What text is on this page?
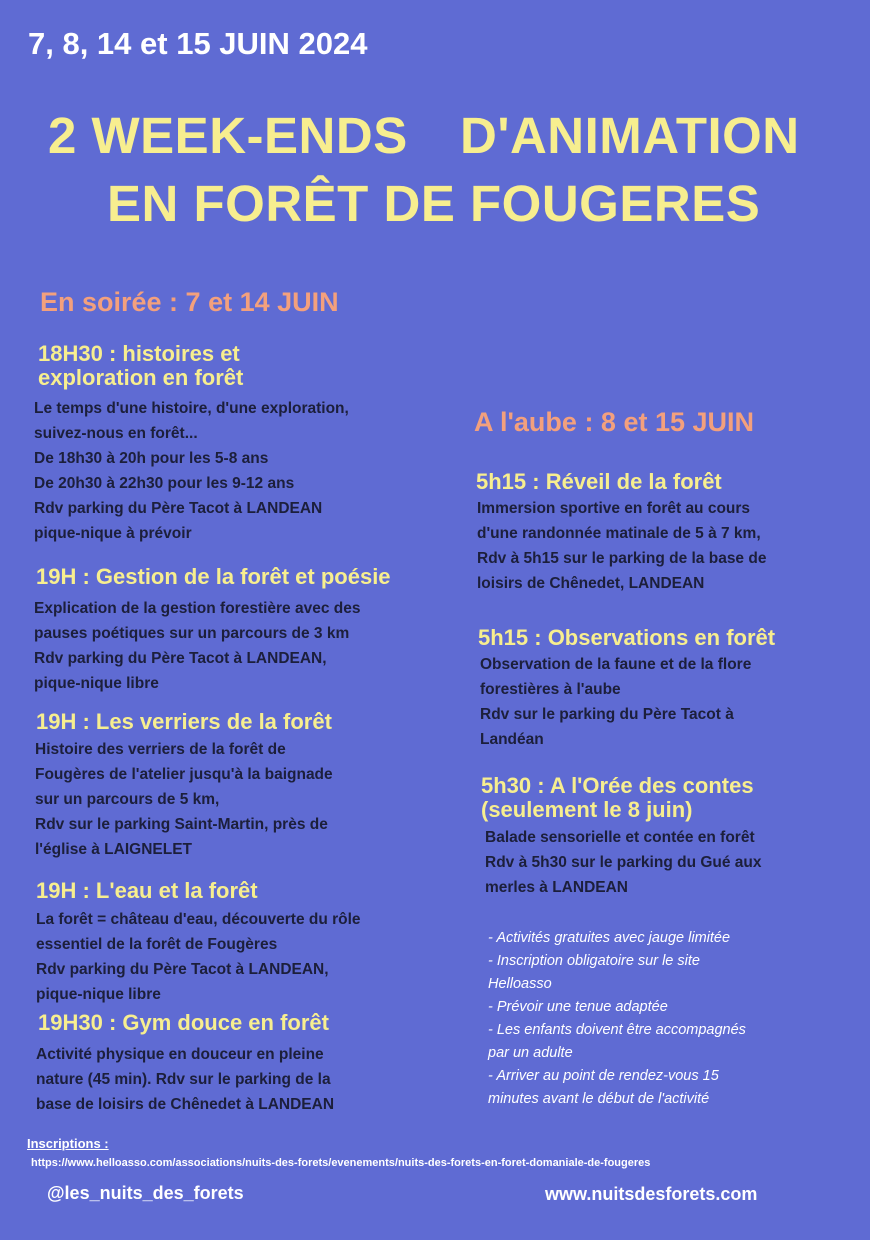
7, 8, 14 et 15 JUIN 2024
2 WEEK-ENDS D'ANIMATION
EN FORÊT DE FOUGERES
En soirée : 7 et 14 JUIN
18H30 : histoires et
exploration en forêt
Le temps d'une histoire, d'une exploration,
suivez-nous en forêt...
De 18h30 à 20h pour les 5-8 ans
De 20h30 à 22h30 pour les 9-12 ans
Rdv parking du Père Tacot à LANDEAN
pique-nique à prévoir
19H : Gestion de la forêt et poésie
Explication de la gestion forestière avec des
pauses poétiques sur un parcours de 3 km
Rdv parking du Père Tacot à LANDEAN,
pique-nique libre
19H : Les verriers de la forêt
Histoire des verriers de la forêt de
Fougères de l'atelier jusqu'à la baignade
sur un parcours de 5 km,
Rdv sur le parking Saint-Martin, près de
l'église à LAIGNELET
19H : L'eau et la forêt
La forêt = château d'eau, découverte du rôle
essentiel de la forêt de Fougères
Rdv parking du Père Tacot à LANDEAN,
pique-nique libre
19H30 : Gym douce en forêt
Activité physique en douceur en pleine
nature (45 min). Rdv sur le parking de la
base de loisirs de Chênedet à LANDEAN
A l'aube : 8 et 15 JUIN
5h15 : Réveil de la forêt
Immersion sportive en forêt au cours
d'une randonnée matinale de 5 à 7 km,
Rdv à 5h15 sur le parking de la base de
loisirs de Chênedet, LANDEAN
5h15 : Observations en forêt
Observation de la faune et de la flore
forestières à l'aube
Rdv sur le parking du Père Tacot à
Landéan
5h30 : A l'Orée des contes
(seulement le 8 juin)
Balade sensorielle et contée en forêt
Rdv à 5h30 sur le parking du Gué aux
merles à LANDEAN
- Activités gratuites avec jauge limitée
- Inscription obligatoire sur le site
Helloasso
- Prévoir une tenue adaptée
- Les enfants doivent être accompagnés
par un adulte
- Arriver au point de rendez-vous 15
minutes avant le début de l'activité
Inscriptions :
https://www.helloasso.com/associations/nuits-des-forets/evenements/nuits-des-forets-en-foret-domaniale-de-fougeres
@les_nuits_des_forets	www.nuitsdesforets.com
